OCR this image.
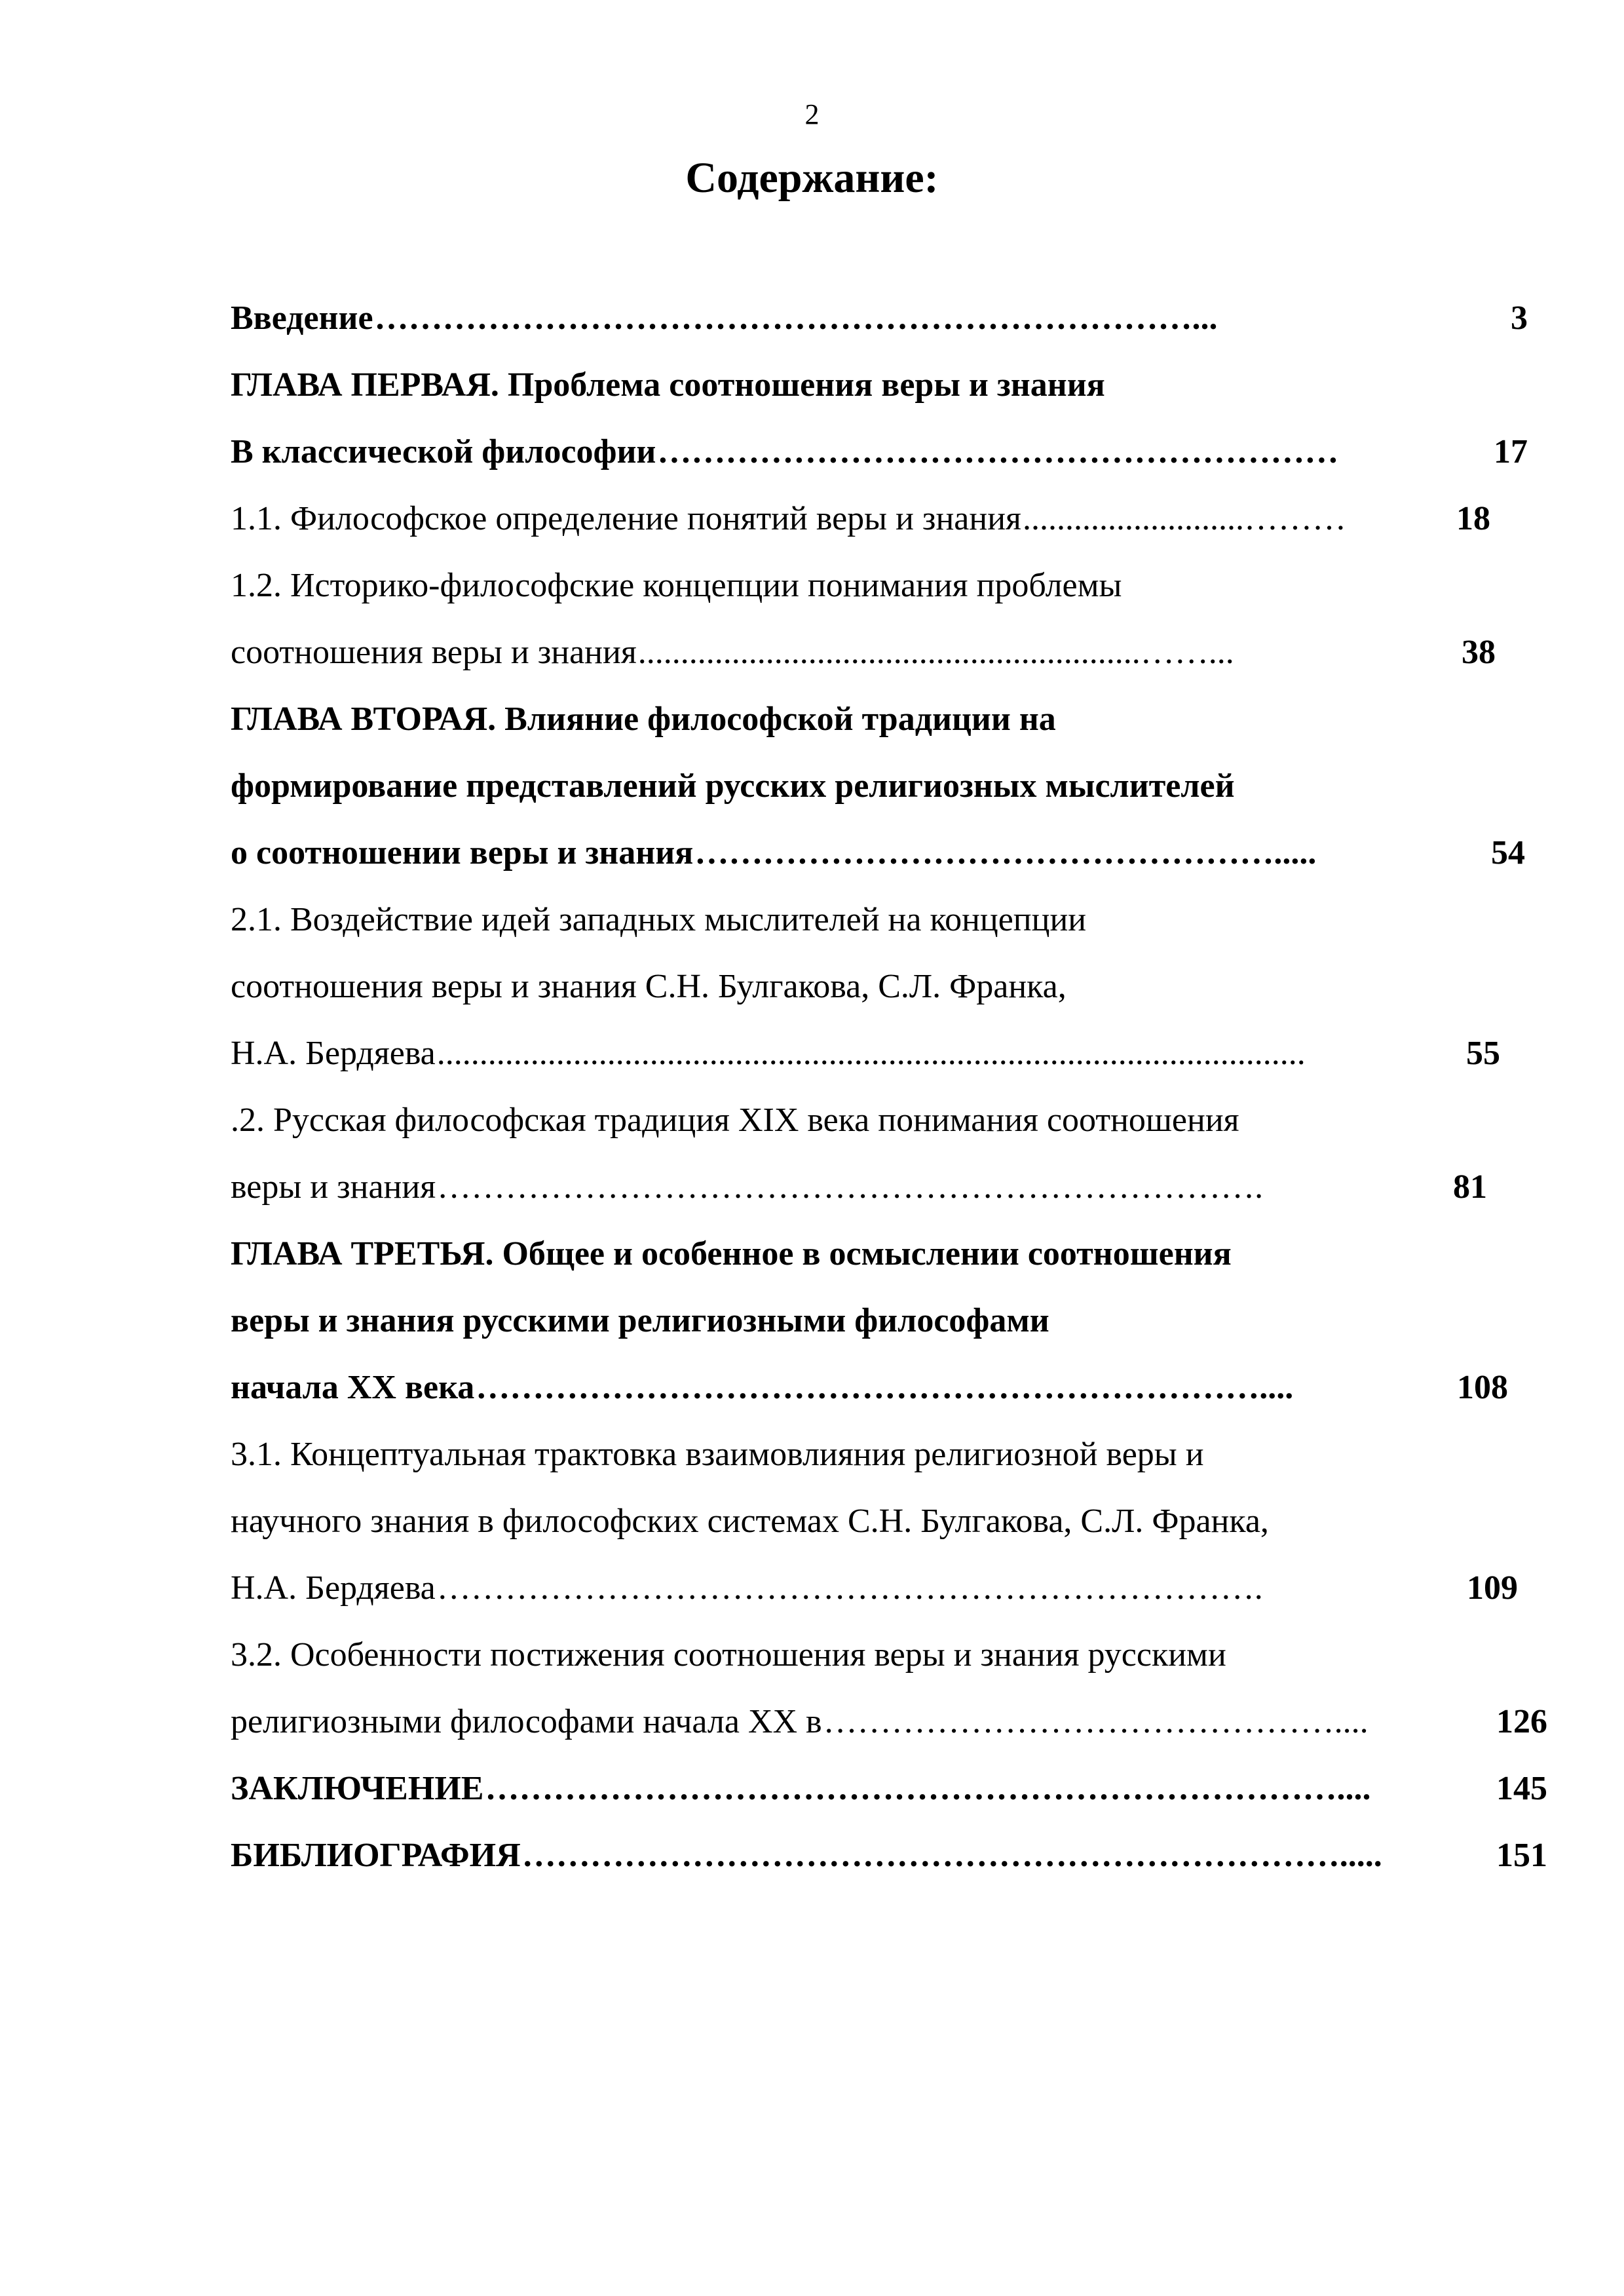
2
Содержание:
Введение ………………………………………………………………...	3
ГЛАВА ПЕРВАЯ. Проблема соотношения веры и знания
В классической философии ……………………………………………………	17
1.1. Философское определение понятий веры и знания ..........................………	18
1.2. Историко-философские концепции понимания проблемы
соотношения веры и знания ...........................................................……...	38
ГЛАВА ВТОРАЯ. Влияние философской традиции на
формирование представлений русских религиозных мыслителей
о соотношении веры и знания …………………………………………….....	54
2.1. Воздействие идей западных мыслителей на концепции
соотношения веры и знания С.Н. Булгакова, С.Л. Франка,
Н.А. Бердяева ......................................................................................................	55
.2. Русская философская традиция XIX века понимания соотношения
веры и знания ……………………………………………………………….	81
ГЛАВА ТРЕТЬЯ. Общее и особенное в осмыслении соотношения
веры и знания русскими религиозными философами
начала XX века ……………………………………………………………....	108
3.1. Концептуальная трактовка взаимовлияния религиозной веры и
научного знания в философских системах С.Н. Булгакова, С.Л. Франка,
Н.А. Бердяева ……………………………………………………………….	109
3.2. Особенности постижения соотношения веры и знания русскими
религиозными философами начала XX в ………………………………………....	126
ЗАКЛЮЧЕНИЕ …………………………………………………………………....	145
БИБЛИОГРАФИЯ ……………………………………………………………….....	151
